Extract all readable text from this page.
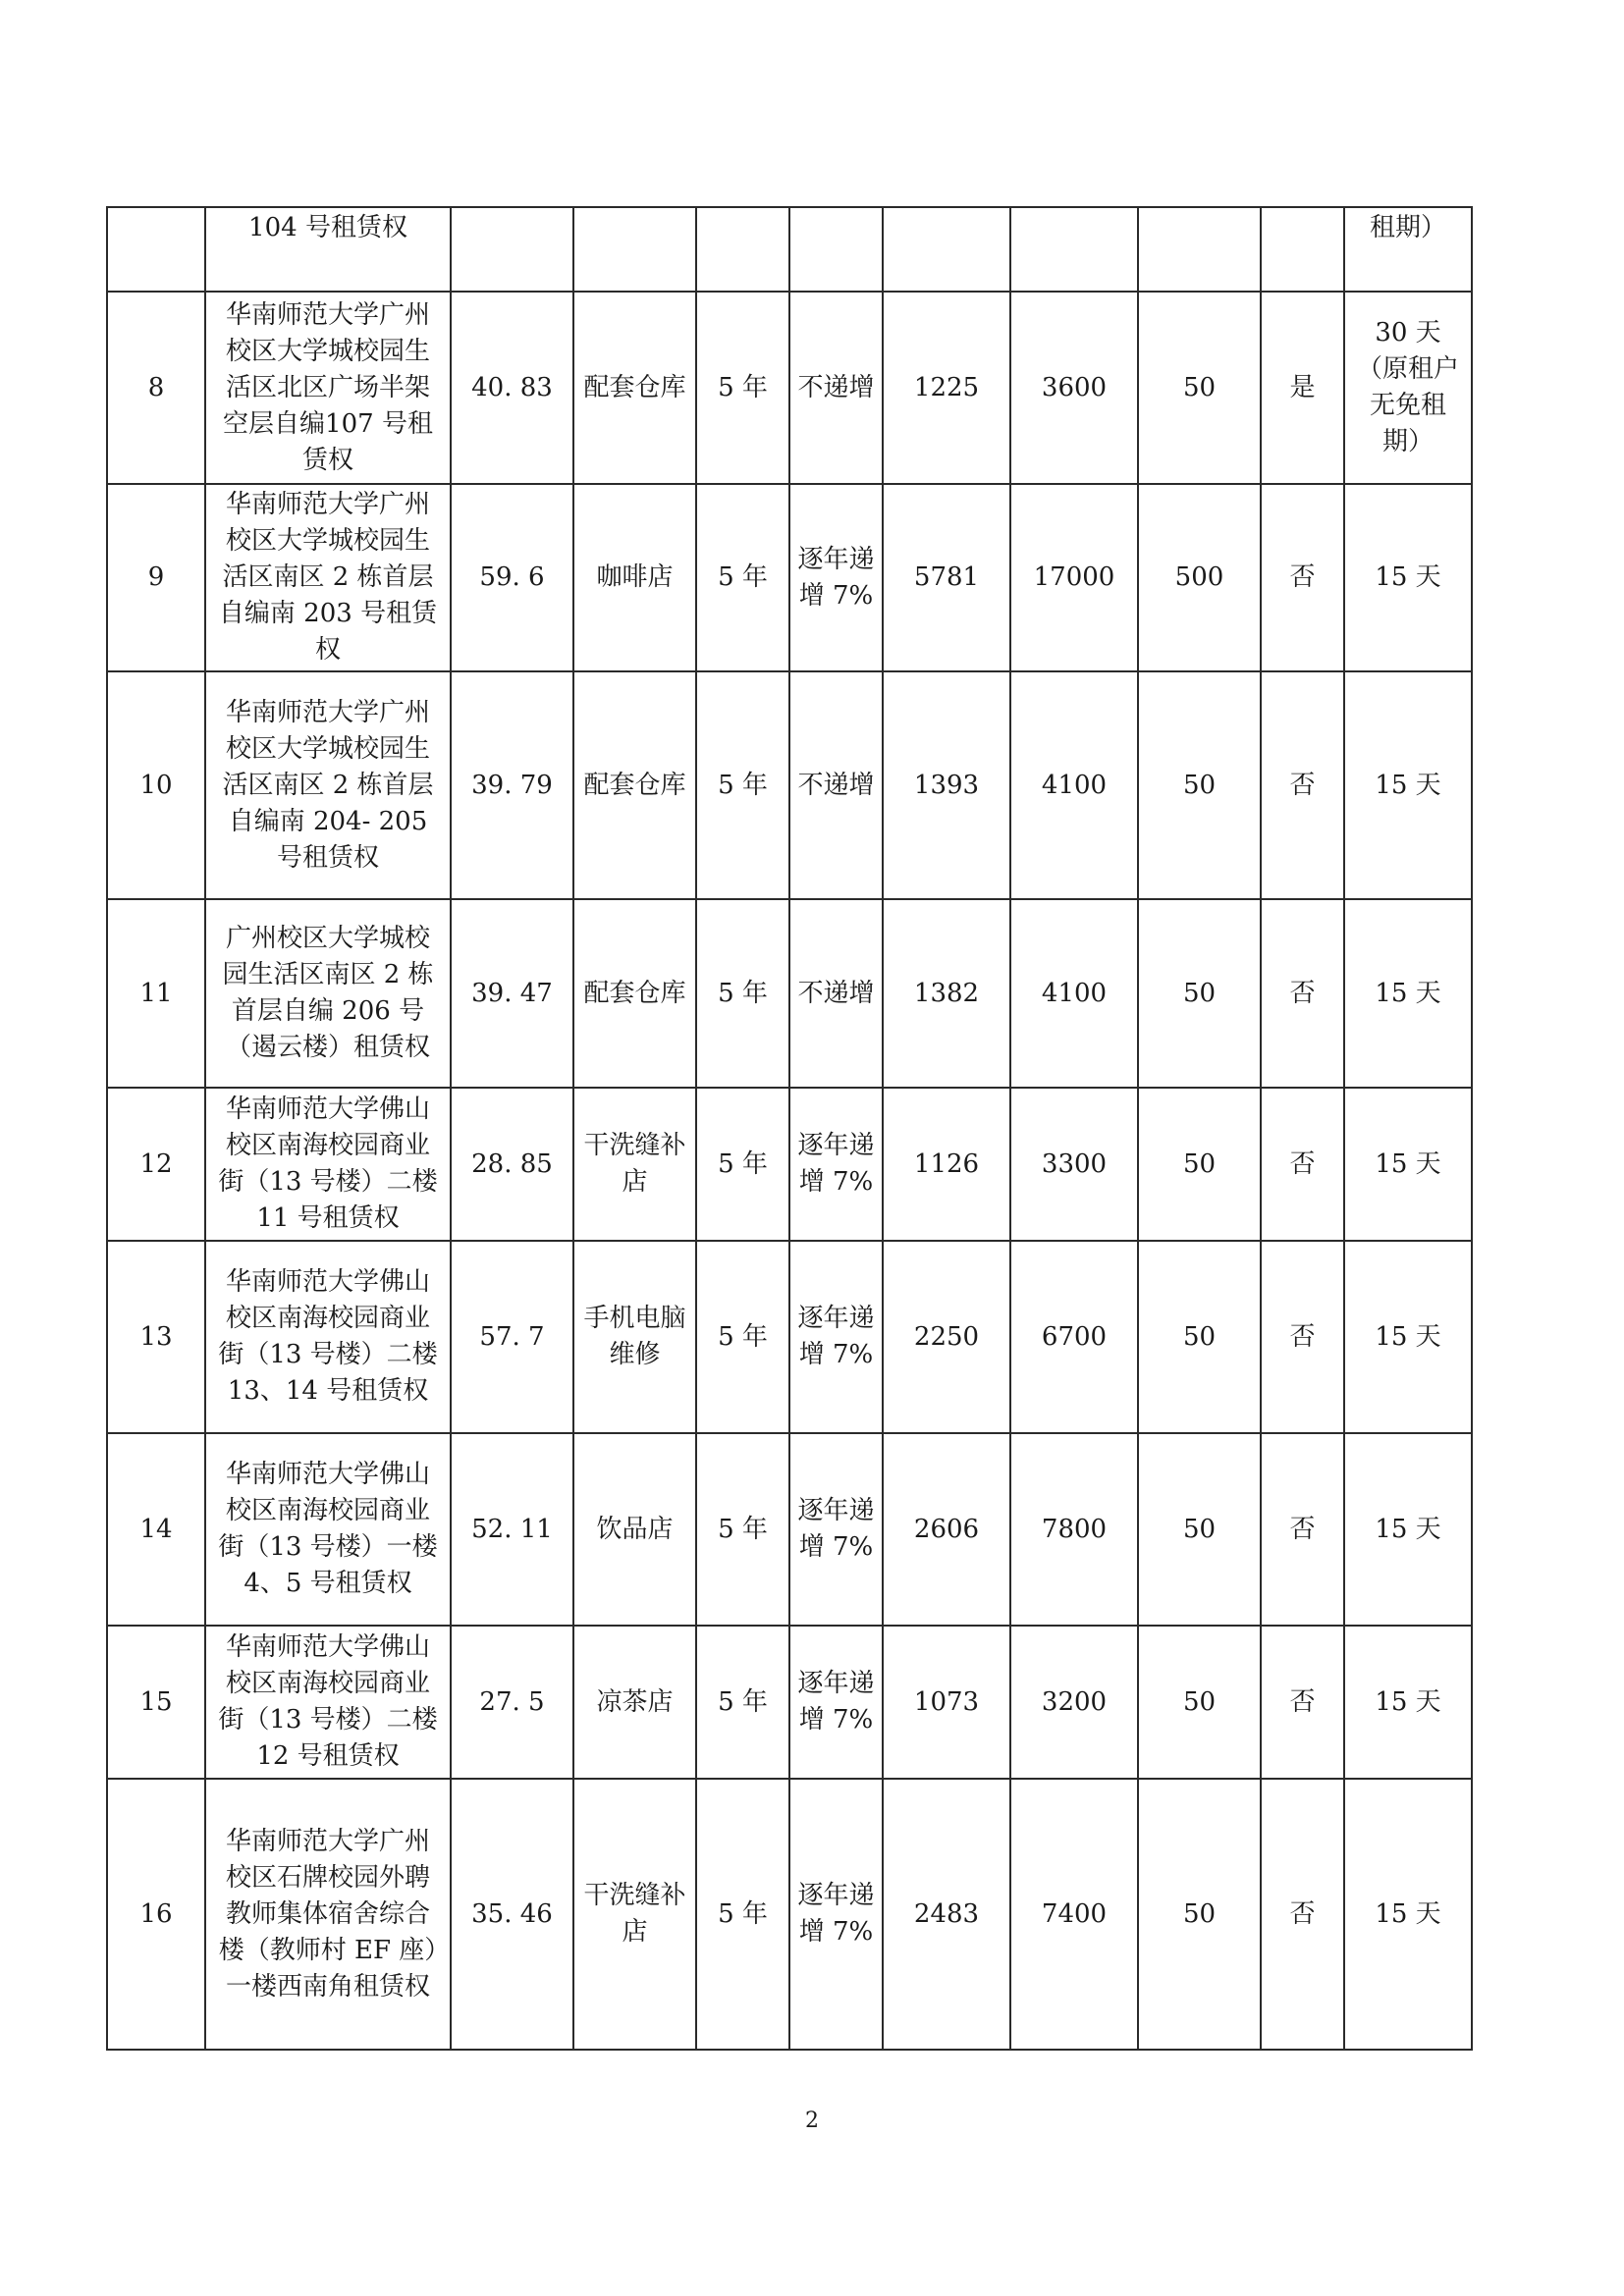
	104 号租赁权									租期）
8	华南师范大学广州校区大学城校园生活区北区广场半架空层自编107 号租赁权	40. 83	配套仓库	5 年	不递增	1225	3600	50	是	30 天（原租户无免租期）
9	华南师范大学广州校区大学城校园生活区南区 2 栋首层自编南 203 号租赁权	59. 6	咖啡店	5 年	逐年递增 7%	5781	17000	500	否	15 天
10	华南师范大学广州校区大学城校园生活区南区 2 栋首层自编南 204- 205 号租赁权	39. 79	配套仓库	5 年	不递增	1393	4100	50	否	15 天
11	广州校区大学城校园生活区南区 2 栋首层自编 206 号（遏云楼）租赁权	39. 47	配套仓库	5 年	不递增	1382	4100	50	否	15 天
12	华南师范大学佛山校区南海校园商业街（13 号楼）二楼 11 号租赁权	28. 85	干洗缝补店	5 年	逐年递增 7%	1126	3300	50	否	15 天
13	华南师范大学佛山校区南海校园商业街（13 号楼）二楼 13、14 号租赁权	57. 7	手机电脑维修	5 年	逐年递增 7%	2250	6700	50	否	15 天
14	华南师范大学佛山校区南海校园商业街（13 号楼）一楼 4、5 号租赁权	52. 11	饮品店	5 年	逐年递增 7%	2606	7800	50	否	15 天
15	华南师范大学佛山校区南海校园商业街（13 号楼）二楼 12 号租赁权	27. 5	凉茶店	5 年	逐年递增 7%	1073	3200	50	否	15 天
16	华南师范大学广州校区石牌校园外聘教师集体宿舍综合楼（教师村 EF 座）一楼西南角租赁权	35. 46	干洗缝补店	5 年	逐年递增 7%	2483	7400	50	否	15 天
2
